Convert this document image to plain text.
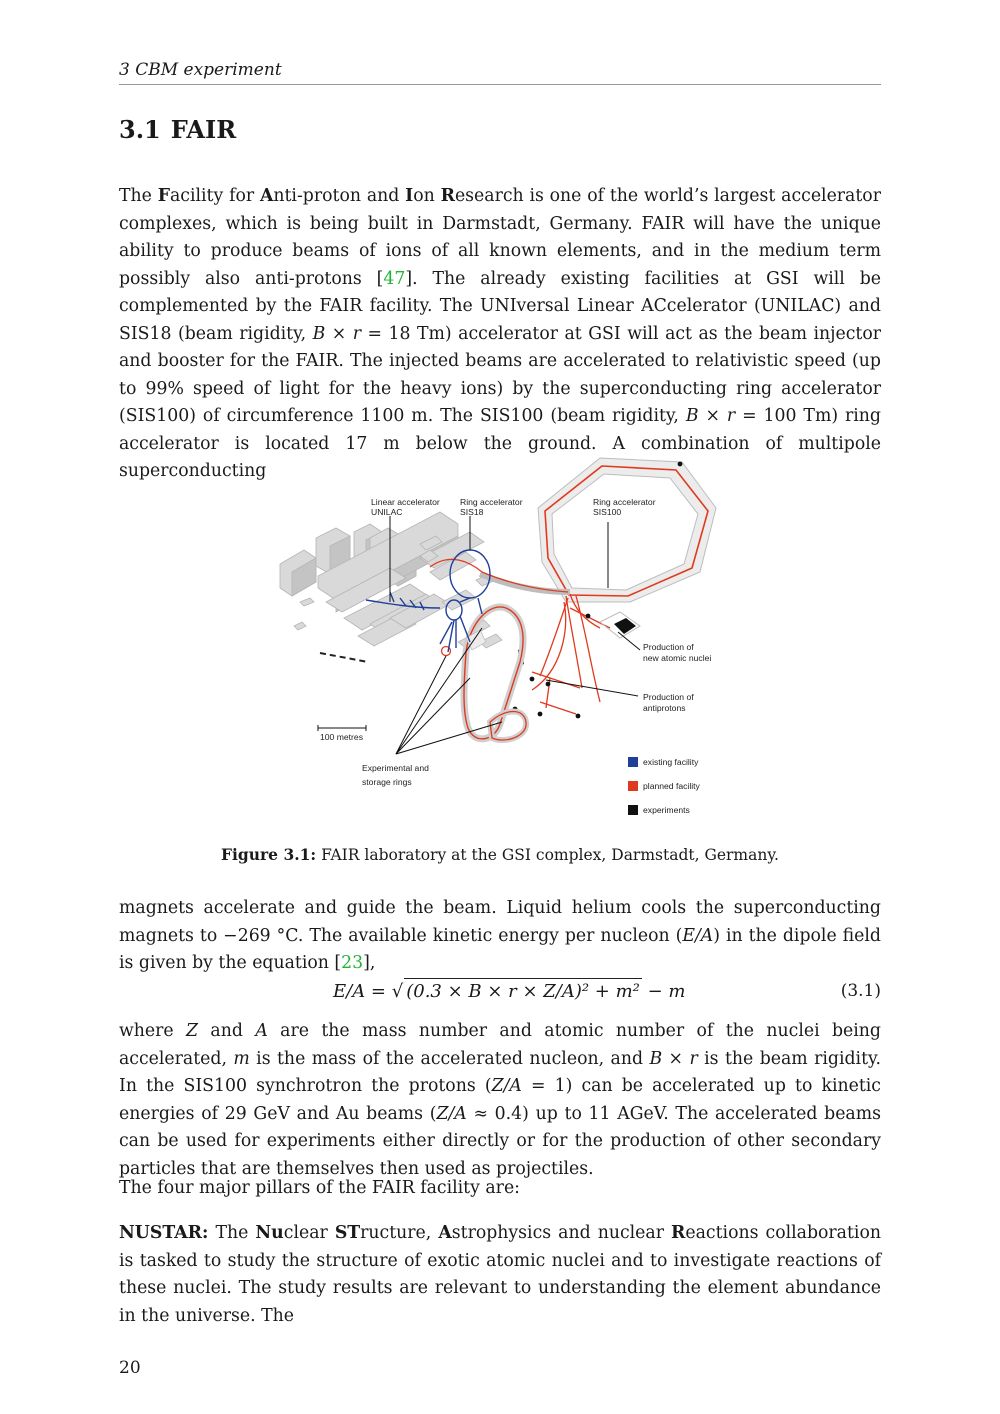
3 CBM experiment
3.1 FAIR

The Facility for Anti-proton and Ion Research is one of the world’s largest accelerator complexes, which is being built in Darmstadt, Germany. FAIR will have the unique ability to produce beams of ions of all known elements, and in the medium term possibly also anti-protons [47]. The already existing facilities at GSI will be complemented by the FAIR facility. The UNIversal Linear ACcelerator (UNILAC) and SIS18 (beam rigidity, B × r = 18 Tm) accelerator at GSI will act as the beam injector and booster for the FAIR. The injected beams are accelerated to relativistic speed (up to 99% speed of light for the heavy ions) by the superconducting ring accelerator (SIS100) of circumference 1100 m. The SIS100 (beam rigidity, B × r = 100 Tm) ring accelerator is located 17 m below the ground. A combination of multipole superconducting

Linear accelerator
UNILAC
Ring accelerator
SIS18
Ring accelerator
SIS100
Production of
new atomic nuclei
Production of
antiprotons
Experimental and
storage rings
100 metres
existing facility
planned facility
experiments
Figure 3.1: FAIR laboratory at the GSI complex, Darmstadt, Germany.

magnets accelerate and guide the beam. Liquid helium cools the superconducting magnets to −269 °C. The available kinetic energy per nucleon (E/A) in the dipole field is given by the equation [23],

E/A = √ (0.3 × B × r × Z/A)² + m² − m	(3.1)

where Z and A are the mass number and atomic number of the nuclei being accelerated, m is the mass of the accelerated nucleon, and B × r is the beam rigidity. In the SIS100 synchrotron the protons (Z/A = 1) can be accelerated up to kinetic energies of 29 GeV and Au beams (Z/A ≈ 0.4) up to 11 AGeV. The accelerated beams can be used for experiments either directly or for the production of other secondary particles that are themselves then used as projectiles.

The four major pillars of the FAIR facility are:

NUSTAR: The Nuclear STructure, Astrophysics and nuclear Reactions collaboration is tasked to study the structure of exotic atomic nuclei and to investigate reactions of these nuclei. The study results are relevant to understanding the element abundance in the universe. The

20
